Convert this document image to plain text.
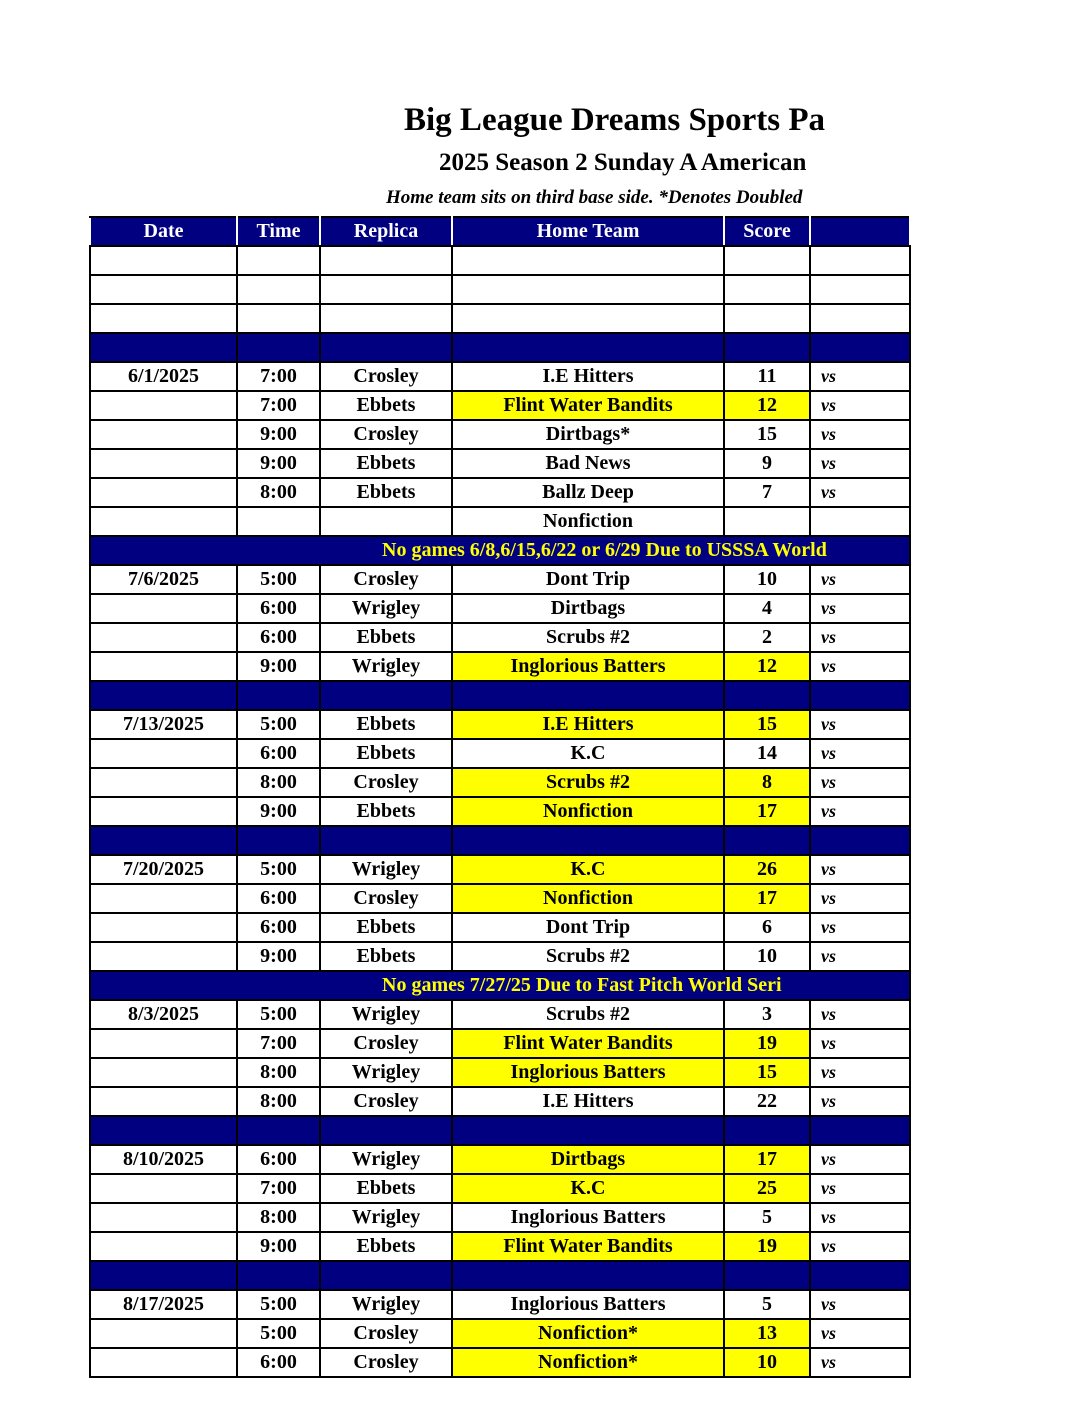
Big League Dreams Sports Pa
2025 Season 2 Sunday A American
Home team sits on third base side. *Denotes Doubled
Date	Time	Replica	Home Team	Score	

6/1/2025	7:00	Crosley	I.E Hitters	11	vs
	7:00	Ebbets	Flint Water Bandits	12	vs
	9:00	Crosley	Dirtbags*	15	vs
	9:00	Ebbets	Bad News	9	vs
	8:00	Ebbets	Ballz Deep	7	vs
			Nonfiction		
No games 6/8,6/15,6/22 or 6/29 Due to USSSA World					
7/6/2025	5:00	Crosley	Dont Trip	10	vs
	6:00	Wrigley	Dirtbags	4	vs
	6:00	Ebbets	Scrubs #2	2	vs
	9:00	Wrigley	Inglorious Batters	12	vs

7/13/2025	5:00	Ebbets	I.E Hitters	15	vs
	6:00	Ebbets	K.C	14	vs
	8:00	Crosley	Scrubs #2	8	vs
	9:00	Ebbets	Nonfiction	17	vs

7/20/2025	5:00	Wrigley	K.C	26	vs
	6:00	Crosley	Nonfiction	17	vs
	6:00	Ebbets	Dont Trip	6	vs
	9:00	Ebbets	Scrubs #2	10	vs
No games 7/27/25 Due to Fast Pitch World Seri					
8/3/2025	5:00	Wrigley	Scrubs #2	3	vs
	7:00	Crosley	Flint Water Bandits	19	vs
	8:00	Wrigley	Inglorious Batters	15	vs
	8:00	Crosley	I.E Hitters	22	vs

8/10/2025	6:00	Wrigley	Dirtbags	17	vs
	7:00	Ebbets	K.C	25	vs
	8:00	Wrigley	Inglorious Batters	5	vs
	9:00	Ebbets	Flint Water Bandits	19	vs

8/17/2025	5:00	Wrigley	Inglorious Batters	5	vs
	5:00	Crosley	Nonfiction*	13	vs
	6:00	Crosley	Nonfiction*	10	vs
